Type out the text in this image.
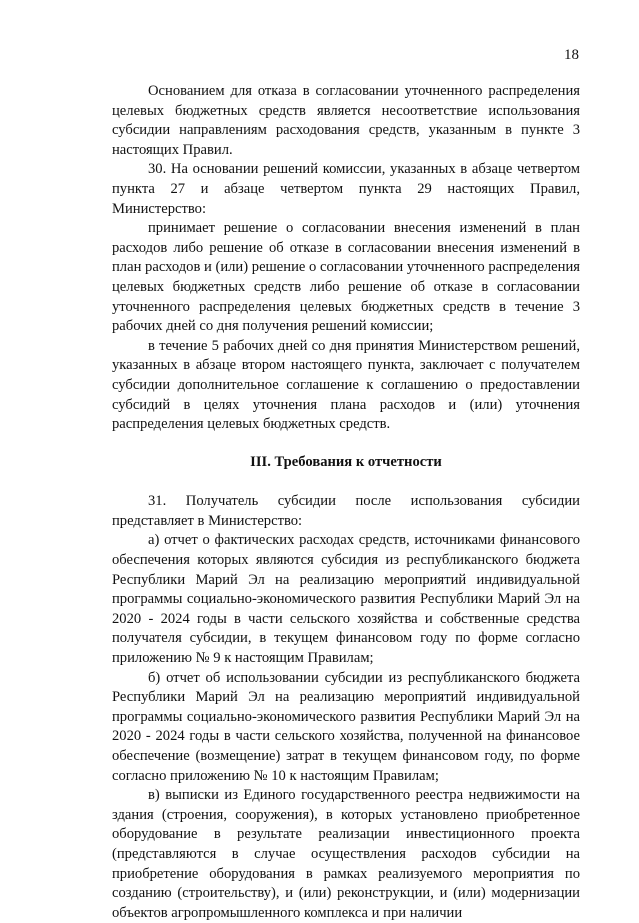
18

Основанием для отказа в согласовании уточненного распределения целевых бюджетных средств является несоответствие использования субсидии направлениям расходования средств, указанным в пункте 3 настоящих Правил.

30. На основании решений комиссии, указанных в абзаце четвертом пункта 27 и абзаце четвертом пункта 29 настоящих Правил, Министерство:

принимает решение о согласовании внесения изменений в план расходов либо решение об отказе в согласовании внесения изменений в план расходов и (или) решение о согласовании уточненного распределения целевых бюджетных средств либо решение об отказе в согласовании уточненного распределения целевых бюджетных средств в течение 3 рабочих дней со дня получения решений комиссии;

в течение 5 рабочих дней со дня принятия Министерством решений, указанных в абзаце втором настоящего пункта, заключает с получателем субсидии дополнительное соглашение к соглашению о предоставлении субсидий в целях уточнения плана расходов и (или) уточнения распределения целевых бюджетных средств.

III. Требования к отчетности

31. Получатель субсидии после использования субсидии представляет в Министерство:

а) отчет о фактических расходах средств, источниками финансового обеспечения которых являются субсидия из республиканского бюджета Республики Марий Эл на реализацию мероприятий индивидуальной программы социально-экономического развития Республики Марий Эл на 2020 - 2024 годы в части сельского хозяйства и собственные средства получателя субсидии, в текущем финансовом году по форме согласно приложению № 9 к настоящим Правилам;

б) отчет об использовании субсидии из республиканского бюджета Республики Марий Эл на реализацию мероприятий индивидуальной программы социально-экономического развития Республики Марий Эл на 2020 - 2024 годы в части сельского хозяйства, полученной на финансовое обеспечение (возмещение) затрат в текущем финансовом году, по форме согласно приложению № 10 к настоящим Правилам;

в) выписки из Единого государственного реестра недвижимости на здания (строения, сооружения), в которых установлено приобретенное оборудование в результате реализации инвестиционного проекта (представляются в случае осуществления расходов субсидии на приобретение оборудования в рамках реализуемого мероприятия по созданию (строительству), и (или) реконструкции, и (или) модернизации объектов агропромышленного комплекса и при наличии
